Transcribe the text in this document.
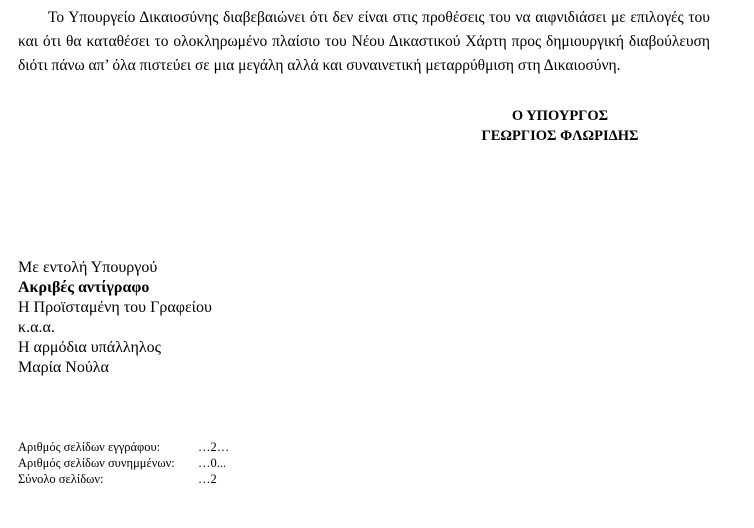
Το Υπουργείο Δικαιοσύνης διαβεβαιώνει ότι δεν είναι στις προθέσεις του να αιφνιδιάσει με επιλογές του και ότι θα καταθέσει το ολοκληρωμένο πλαίσιο του Νέου Δικαστικού Χάρτη προς δημιουργική διαβούλευση διότι πάνω απ’ όλα πιστεύει σε μια μεγάλη αλλά και συναινετική μεταρρύθμιση στη Δικαιοσύνη.

Ο ΥΠΟΥΡΓΟΣ
ΓΕΩΡΓΙΟΣ ΦΛΩΡΙΔΗΣ
Με εντολή Υπουργού
Ακριβές αντίγραφο
Η Προϊσταμένη του Γραφείου
κ.α.α.
Η αρμόδια υπάλληλος
Μαρία Νούλα
Αριθμός σελίδων εγγράφου:	…2…
Αριθμός σελίδων συνημμένων:	…0...
Σύνολο σελίδων:	…2
